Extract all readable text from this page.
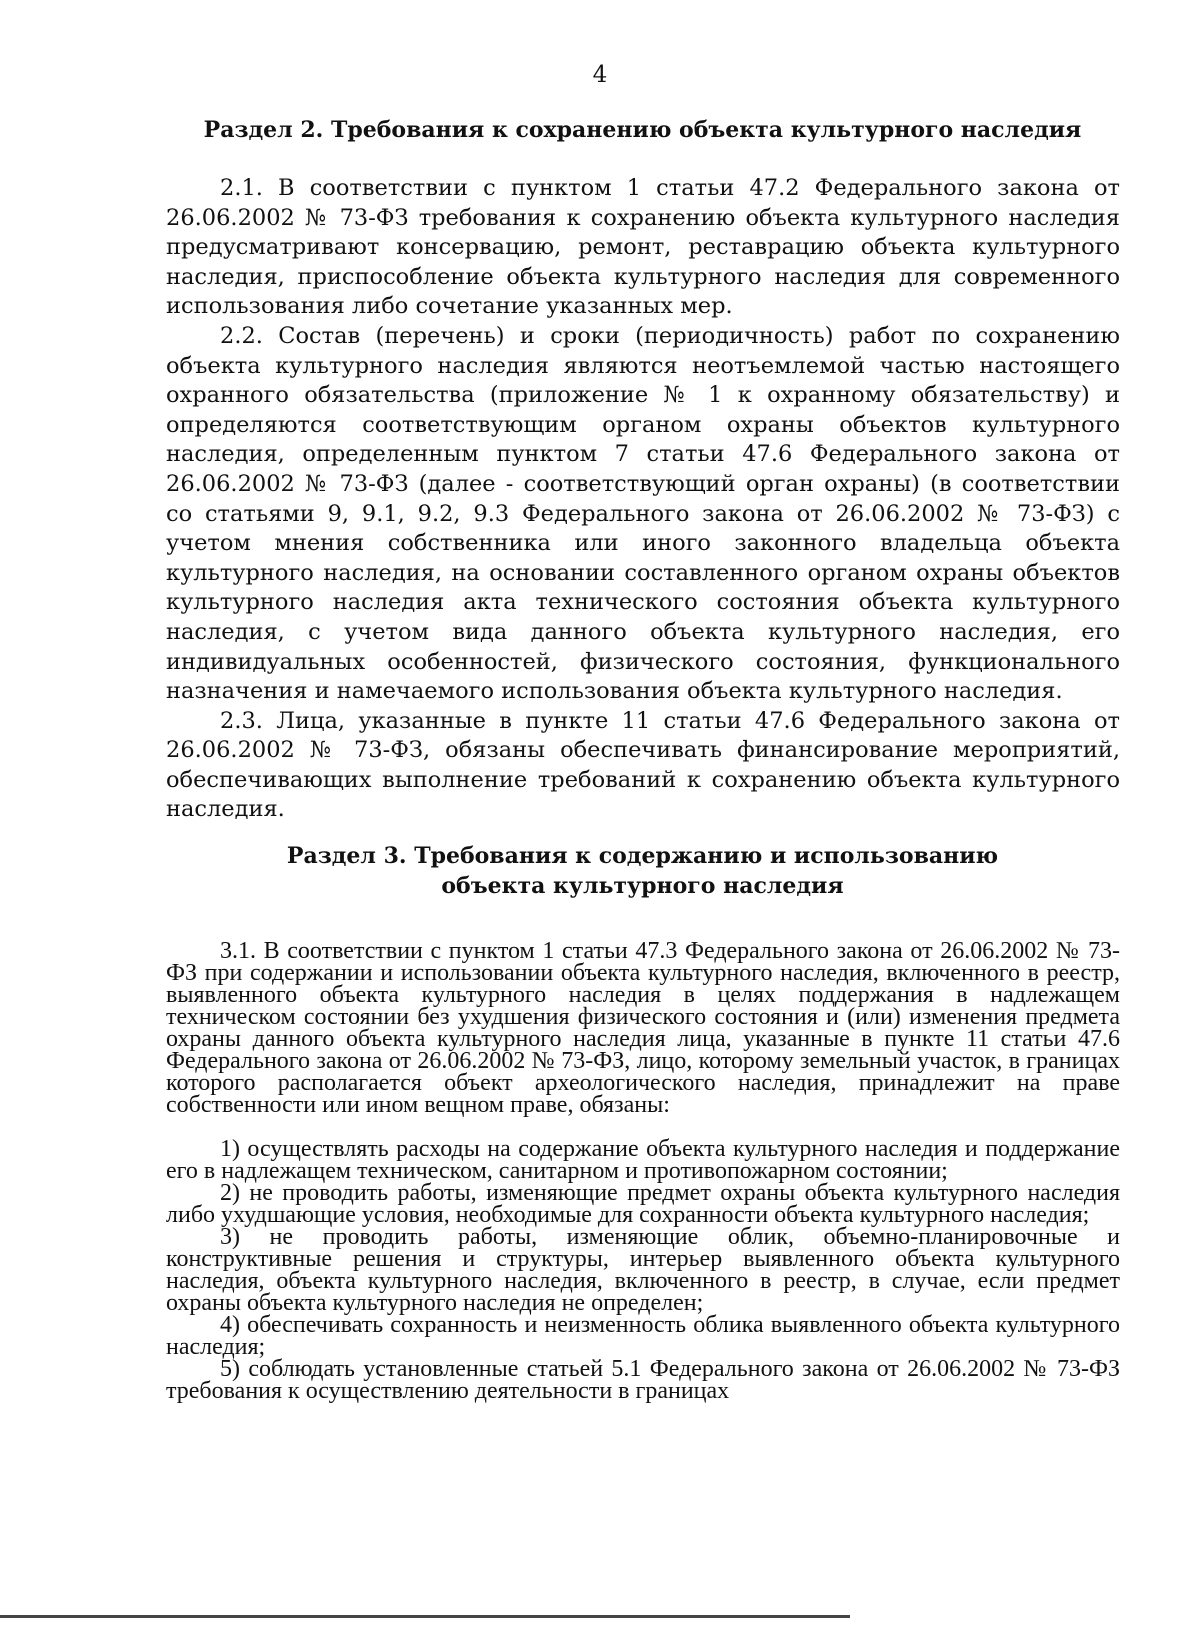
4
Раздел 2. Требования к сохранению объекта культурного наследия

2.1. В соответствии с пунктом 1 статьи 47.2 Федерального закона от 26.06.2002 № 73-ФЗ требования к сохранению объекта культурного наследия предусматривают консервацию, ремонт, реставрацию объекта культурного наследия, приспособление объекта культурного наследия для современного использования либо сочетание указанных мер.

2.2. Состав (перечень) и сроки (периодичность) работ по сохранению объекта культурного наследия являются неотъемлемой частью настоящего охранного обязательства (приложение № 1 к охранному обязательству) и определяются соответствующим органом охраны объектов культурного наследия, определенным пунктом 7 статьи 47.6 Федерального закона от 26.06.2002 № 73-ФЗ (далее - соответствующий орган охраны) (в соответствии со статьями 9, 9.1, 9.2, 9.3 Федерального закона от 26.06.2002 № 73-ФЗ) с учетом мнения собственника или иного законного владельца объекта культурного наследия, на основании составленного органом охраны объектов культурного наследия акта технического состояния объекта культурного наследия, с учетом вида данного объекта культурного наследия, его индивидуальных особенностей, физического состояния, функционального назначения и намечаемого использования объекта культурного наследия.

2.3. Лица, указанные в пункте 11 статьи 47.6 Федерального закона от 26.06.2002 № 73-ФЗ, обязаны обеспечивать финансирование мероприятий, обеспечивающих выполнение требований к сохранению объекта культурного наследия.

Раздел 3. Требования к содержанию и использованию
объекта культурного наследия

3.1. В соответствии с пунктом 1 статьи 47.3 Федерального закона от 26.06.2002 № 73-ФЗ при содержании и использовании объекта культурного наследия, включенного в реестр, выявленного объекта культурного наследия в целях поддержания в надлежащем техническом состоянии без ухудшения физического состояния и (или) изменения предмета охраны данного объекта культурного наследия лица, указанные в пункте 11 статьи 47.6 Федерального закона от 26.06.2002 № 73-ФЗ, лицо, которому земельный участок, в границах которого располагается объект археологического наследия, принадлежит на праве собственности или ином вещном праве, обязаны:

1) осуществлять расходы на содержание объекта культурного наследия и поддержание его в надлежащем техническом, санитарном и противопожарном состоянии;

2) не проводить работы, изменяющие предмет охраны объекта культурного наследия либо ухудшающие условия, необходимые для сохранности объекта культурного наследия;

3) не проводить работы, изменяющие облик, объемно-планировочные и конструктивные решения и структуры, интерьер выявленного объекта культурного наследия, объекта культурного наследия, включенного в реестр, в случае, если предмет охраны объекта культурного наследия не определен;

4) обеспечивать сохранность и неизменность облика выявленного объекта культурного наследия;

5) соблюдать установленные статьей 5.1 Федерального закона от 26.06.2002 № 73-ФЗ требования к осуществлению деятельности в границах
